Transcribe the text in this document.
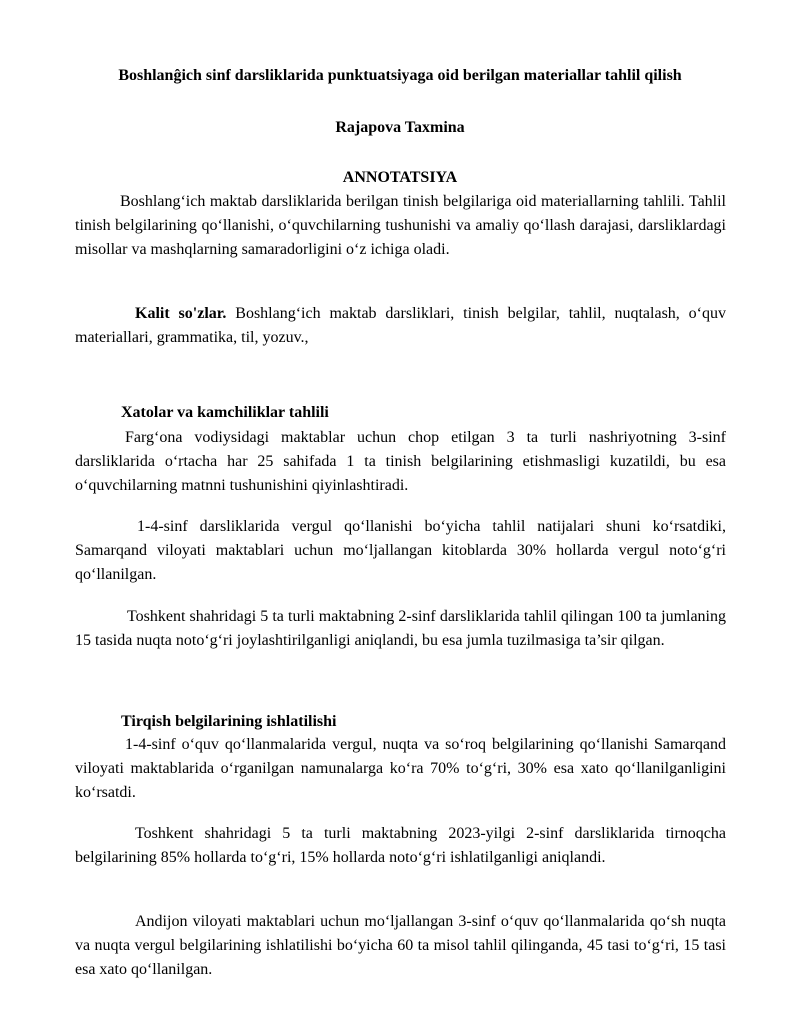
Boshlanĝich sinf darsliklarida punktuatsiyaga oid berilgan materiallar tahlil qilish
Rajapova Taxmina
ANNOTATSIYA

Boshlang‘ich maktab darsliklarida berilgan tinish belgilariga oid materiallarning tahlili. Tahlil tinish belgilarining qo‘llanishi, o‘quvchilarning tushunishi va amaliy qo‘llash darajasi, darsliklardagi misollar va mashqlarning samaradorligini o‘z ichiga oladi.

Kalit so'zlar. Boshlang‘ich maktab darsliklari, tinish belgilar, tahlil, nuqtalash, o‘quv materiallari, grammatika, til, yozuv.,

Xatolar va kamchiliklar tahlili

Farg‘ona vodiysidagi maktablar uchun chop etilgan 3 ta turli nashriyotning 3-sinf darsliklarida o‘rtacha har 25 sahifada 1 ta tinish belgilarining etishmasligi kuzatildi, bu esa o‘quvchilarning matnni tushunishini qiyinlashtiradi.

1-4-sinf darsliklarida vergul qo‘llanishi bo‘yicha tahlil natijalari shuni ko‘rsatdiki, Samarqand viloyati maktablari uchun mo‘ljallangan kitoblarda 30% hollarda vergul noto‘g‘ri qo‘llanilgan.

Toshkent shahridagi 5 ta turli maktabning 2-sinf darsliklarida tahlil qilingan 100 ta jumlaning 15 tasida nuqta noto‘g‘ri joylashtirilganligi aniqlandi, bu esa jumla tuzilmasiga ta’sir qilgan.

Tirqish belgilarining ishlatilishi

1-4-sinf o‘quv qo‘llanmalarida vergul, nuqta va so‘roq belgilarining qo‘llanishi Samarqand viloyati maktablarida o‘rganilgan namunalarga ko‘ra 70% to‘g‘ri, 30% esa xato qo‘llanilganligini ko‘rsatdi.

Toshkent shahridagi 5 ta turli maktabning 2023-yilgi 2-sinf darsliklarida tirnoqcha belgilarining 85% hollarda to‘g‘ri, 15% hollarda noto‘g‘ri ishlatilganligi aniqlandi.

Andijon viloyati maktablari uchun mo‘ljallangan 3-sinf o‘quv qo‘llanmalarida qo‘sh nuqta va nuqta vergul belgilarining ishlatilishi bo‘yicha 60 ta misol tahlil qilinganda, 45 tasi to‘g‘ri, 15 tasi esa xato qo‘llanilgan.
